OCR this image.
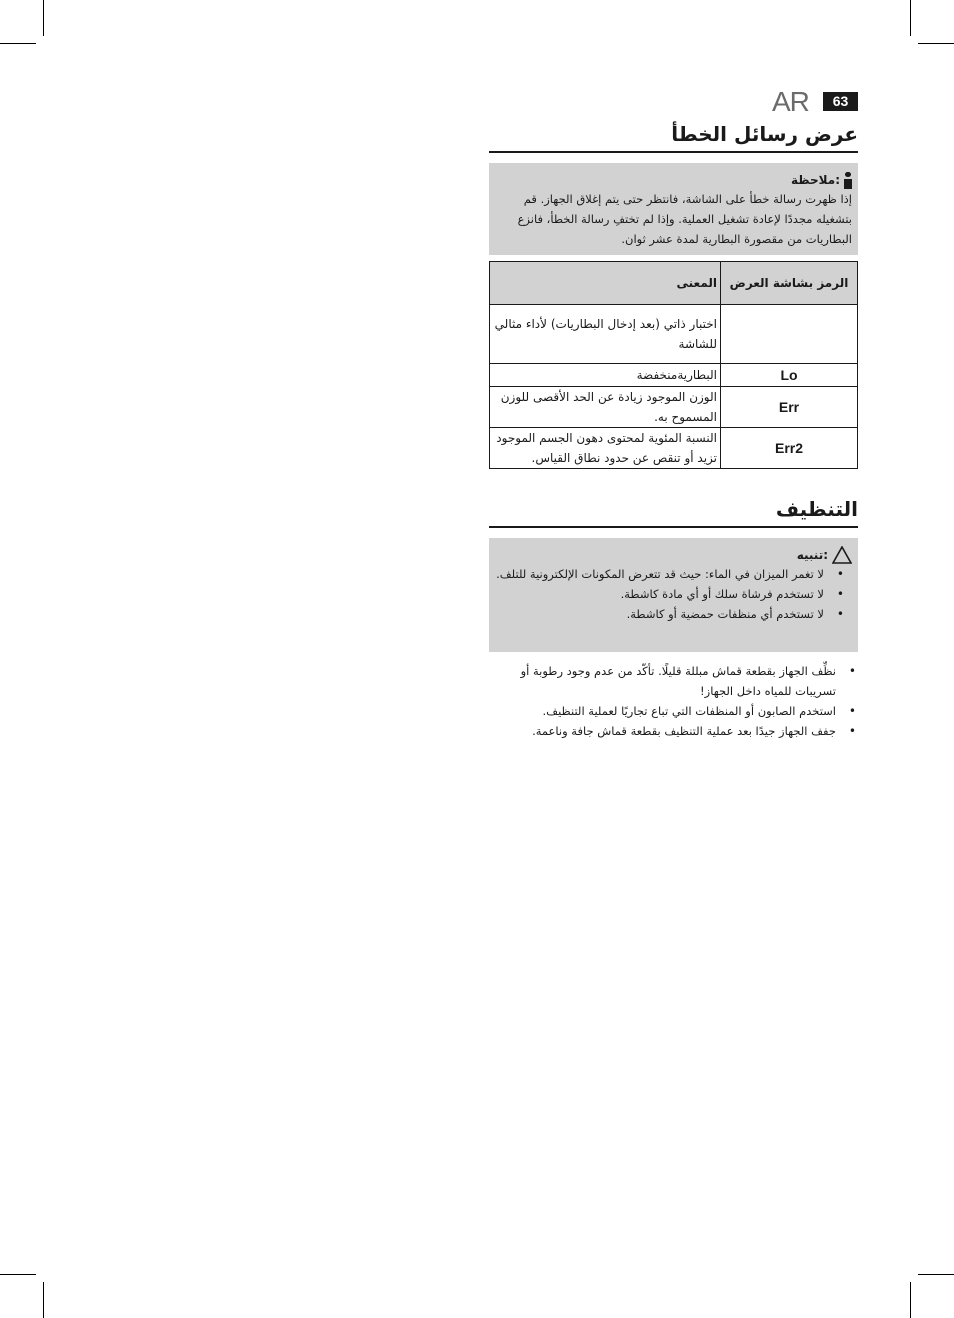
AR	63
عرض رسائل الخطأ
:ملاحظة
إذا ظهرت رسالة خطأ على الشاشة، فانتظر حتى يتم إغلاق الجهاز. قم
بتشغيله مجددًا لإعادة تشغيل العملية. وإذا لم تختفِ رسالة الخطأ، فانزع
البطاريات من مقصورة البطارية لمدة عشر ثوان.
الرمز بشاشة العرض	المعنى
	اختبار ذاتي (بعد إدخال البطاريات) لأداء مثالي للشاشة
Lo	البطاريةمنخفضة
Err	الوزن الموجود زيادة عن الحد الأقصى للوزن المسموح به.
Err2	النسبة المئوية لمحتوى دهون الجسم الموجود تزيد أو تنقص عن حدود نطاق القياس.
التنظيف
:تنبيه
• لا تغمر الميزان في الماء: حيث قد تتعرض المكونات الإلكترونية للتلف.
• لا تستخدم فرشاة سلك أو أي مادة كاشطة.
• لا تستخدم أي منظفات حمضية أو كاشطة.
• نظِّف الجهاز بقطعة قماش مبللة قليلًا. تأكّد من عدم وجود رطوبة أو تسريبات للمياه داخل الجهاز!
• استخدم الصابون أو المنظفات التي تباع تجاريًا لعملية التنظيف.
• جفف الجهاز جيدًا بعد عملية التنظيف بقطعة قماش جافة وناعمة.
